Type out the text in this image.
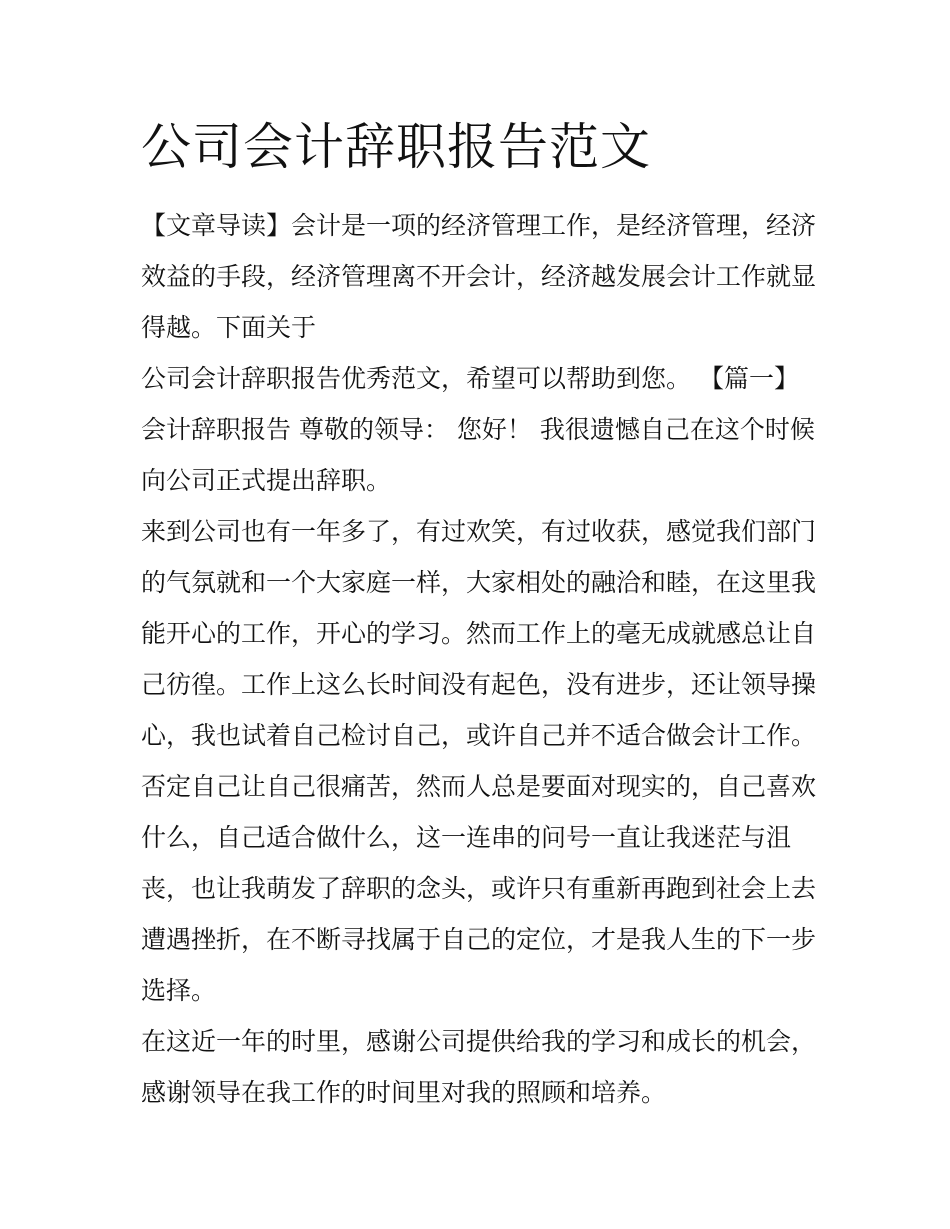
公司会计辞职报告范文
【文章导读】会计是一项的经济管理工作，是经济管理，经济
效益的手段，经济管理离不开会计，经济越发展会计工作就显
得越。下面关于
公司会计辞职报告优秀范文，希望可以帮助到您。 【篇一】
会计辞职报告 尊敬的领导： 您好！ 我很遗憾自己在这个时候
向公司正式提出辞职。
来到公司也有一年多了，有过欢笑，有过收获，感觉我们部门
的气氛就和一个大家庭一样，大家相处的融洽和睦，在这里我
能开心的工作，开心的学习。然而工作上的毫无成就感总让自
己彷徨。工作上这么长时间没有起色，没有进步，还让领导操
心，我也试着自己检讨自己，或许自己并不适合做会计工作。
否定自己让自己很痛苦，然而人总是要面对现实的，自己喜欢
什么，自己适合做什么，这一连串的问号一直让我迷茫与沮
丧，也让我萌发了辞职的念头，或许只有重新再跑到社会上去
遭遇挫折，在不断寻找属于自己的定位，才是我人生的下一步
选择。
在这近一年的时里，感谢公司提供给我的学习和成长的机会，
感谢领导在我工作的时间里对我的照顾和培养。
